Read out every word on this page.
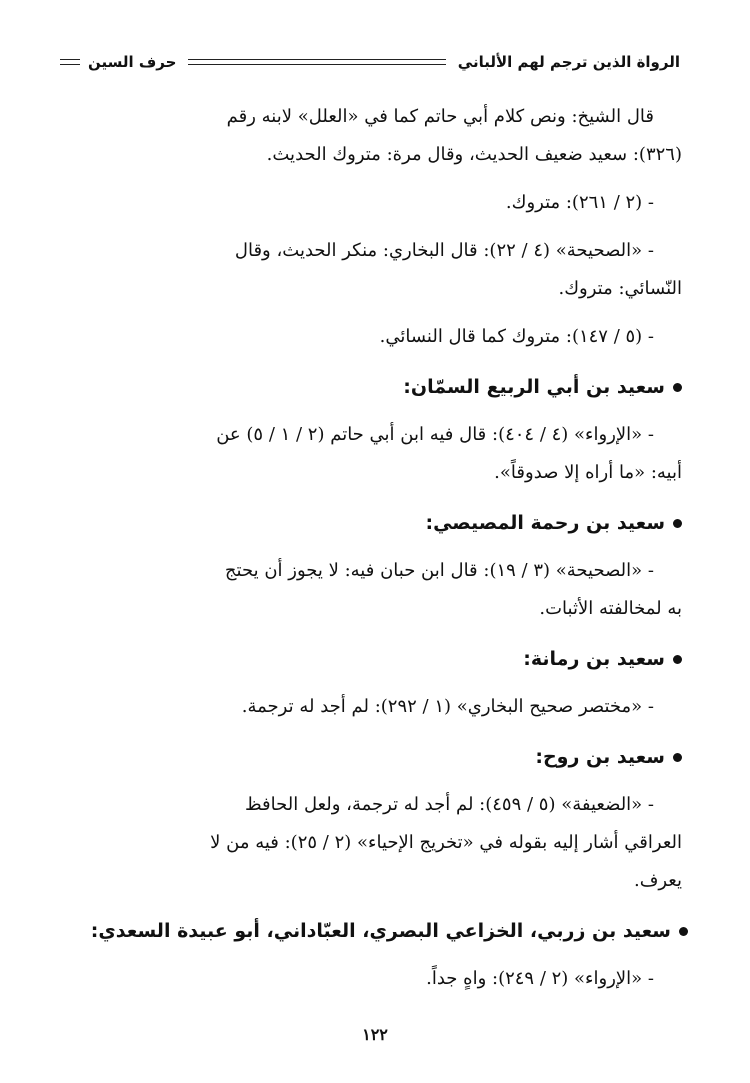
الرواة الذين ترجم لهم الألباني
حرف السين

قال الشيخ: ونص كلام أبي حاتم كما في «العلل» لابنه رقم

(٣٢٦): سعيد ضعيف الحديث، وقال مرة: متروك الحديث.

- (٢ / ٢٦١): متروك.

- «الصحيحة» (٤ / ٢٢): قال البخاري: منكر الحديث، وقال

النّسائي: متروك.

- (٥ / ١٤٧): متروك كما قال النسائي.

سعيد بن أبي الربيع السمّان:

- «الإرواء» (٤ / ٤٠٤): قال فيه ابن أبي حاتم (٢ / ١ / ٥) عن

أبيه: «ما أراه إلا صدوقاً».

سعيد بن رحمة المصيصي:

- «الصحيحة» (٣ / ١٩): قال ابن حبان فيه: لا يجوز أن يحتج

به لمخالفته الأثبات.

سعيد بن رمانة:

- «مختصر صحيح البخاري» (١ / ٢٩٢): لم أجد له ترجمة.

سعيد بن روح:

- «الضعيفة» (٥ / ٤٥٩): لم أجد له ترجمة، ولعل الحافظ

العراقي أشار إليه بقوله في «تخريج الإحياء» (٢ / ٢٥): فيه من لا

يعرف.

سعيد بن زربي، الخزاعي البصري، العبّاداني، أبو عبيدة السعدي:

- «الإرواء» (٢ / ٢٤٩): واهٍ جداً.

١٢٢
